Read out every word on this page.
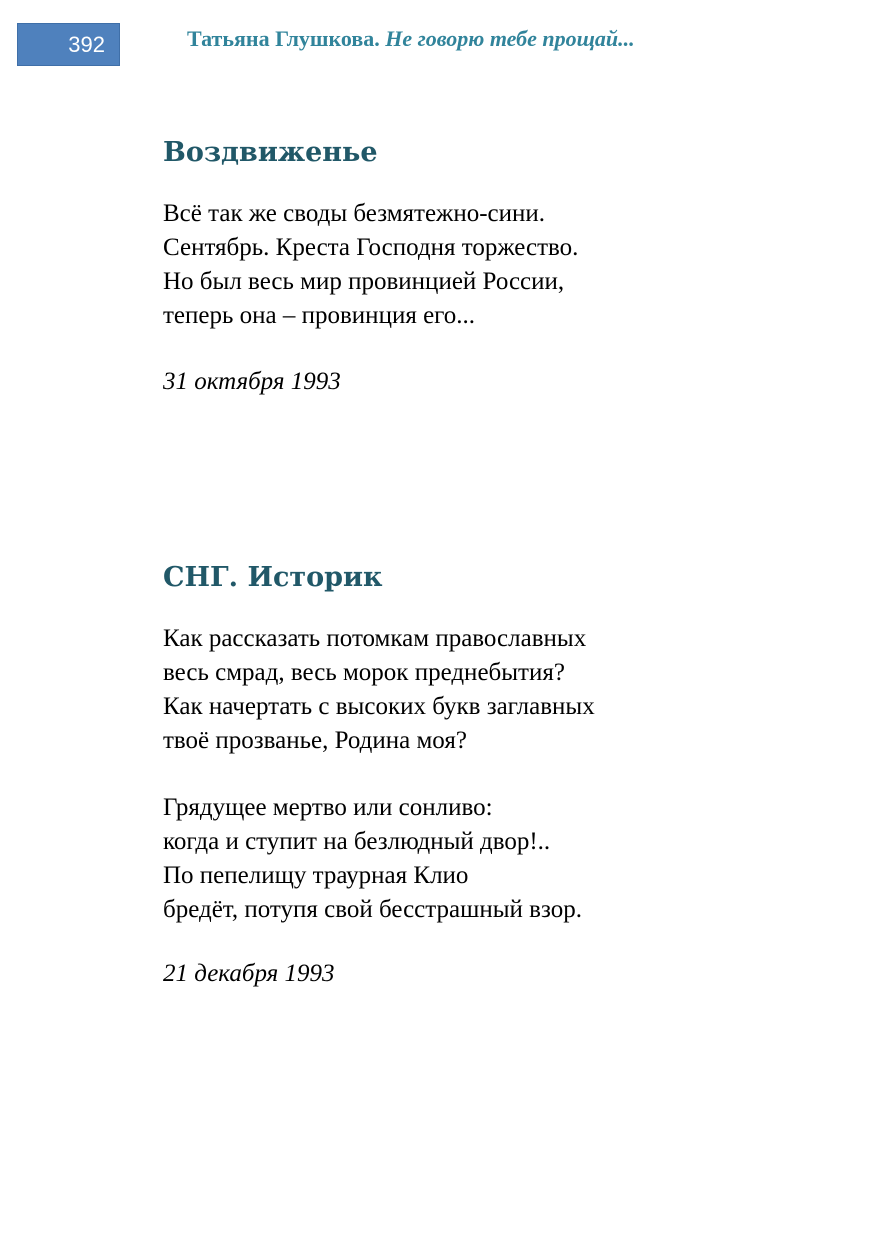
392	Татьяна Глушкова. Не говорю тебе прощай...
Воздвиженье
Всё так же своды безмятежно-сини.
Сентябрь. Креста Господня торжество.
Но был весь мир провинцией России,
теперь она – провинция его...
31 октября 1993
СНГ. Историк
Как рассказать потомкам православных
весь смрад, весь морок преднебытия?
Как начертать с высоких букв заглавных
твоё прозванье, Родина моя?
Грядущее мертво или сонливо:
когда и ступит на безлюдный двор!..
По пепелищу траурная Клио
бредёт, потупя свой бесстрашный взор.
21 декабря 1993
